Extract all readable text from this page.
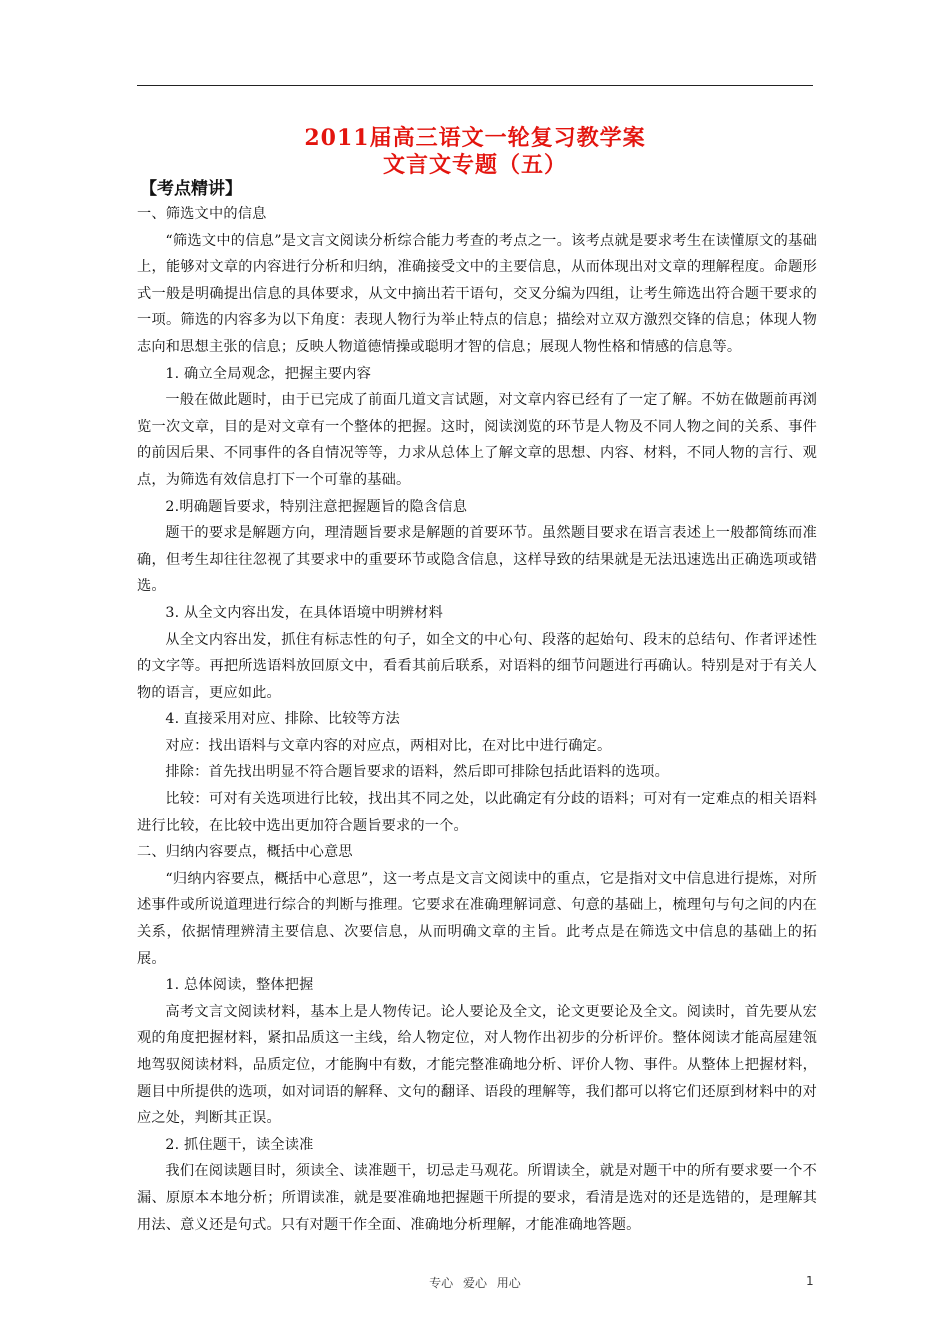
2011届高三语文一轮复习教学案
文言文专题（五）
【考点精讲】

一、筛选文中的信息

“筛选文中的信息”是文言文阅读分析综合能力考查的考点之一。该考点就是要求考生在读懂原文的基础上，能够对文章的内容进行分析和归纳，准确接受文中的主要信息，从而体现出对文章的理解程度。命题形式一般是明确提出信息的具体要求，从文中摘出若干语句，交叉分编为四组，让考生筛选出符合题干要求的一项。筛选的内容多为以下角度：表现人物行为举止特点的信息；描绘对立双方激烈交锋的信息；体现人物志向和思想主张的信息；反映人物道德情操或聪明才智的信息；展现人物性格和情感的信息等。

1. 确立全局观念，把握主要内容

一般在做此题时，由于已完成了前面几道文言试题，对文章内容已经有了一定了解。不妨在做题前再浏览一次文章，目的是对文章有一个整体的把握。这时，阅读浏览的环节是人物及不同人物之间的关系、事件的前因后果、不同事件的各自情况等等，力求从总体上了解文章的思想、内容、材料，不同人物的言行、观点，为筛选有效信息打下一个可靠的基础。

2.明确题旨要求，特别注意把握题旨的隐含信息

题干的要求是解题方向，理清题旨要求是解题的首要环节。虽然题目要求在语言表述上一般都简练而准确，但考生却往往忽视了其要求中的重要环节或隐含信息，这样导致的结果就是无法迅速选出正确选项或错选。

3. 从全文内容出发，在具体语境中明辨材料

从全文内容出发，抓住有标志性的句子，如全文的中心句、段落的起始句、段末的总结句、作者评述性的文字等。再把所选语料放回原文中，看看其前后联系，对语料的细节问题进行再确认。特别是对于有关人物的语言，更应如此。

4. 直接采用对应、排除、比较等方法

对应：找出语料与文章内容的对应点，两相对比，在对比中进行确定。

排除：首先找出明显不符合题旨要求的语料，然后即可排除包括此语料的选项。

比较：可对有关选项进行比较，找出其不同之处，以此确定有分歧的语料；可对有一定难点的相关语料进行比较，在比较中选出更加符合题旨要求的一个。

二、归纳内容要点，概括中心意思

“归纳内容要点，概括中心意思”，这一考点是文言文阅读中的重点，它是指对文中信息进行提炼，对所述事件或所说道理进行综合的判断与推理。它要求在准确理解词意、句意的基础上，梳理句与句之间的内在关系，依据情理辨清主要信息、次要信息，从而明确文章的主旨。此考点是在筛选文中信息的基础上的拓展。

1. 总体阅读，整体把握

高考文言文阅读材料，基本上是人物传记。论人要论及全文，论文更要论及全文。阅读时，首先要从宏观的角度把握材料，紧扣品质这一主线，给人物定位，对人物作出初步的分析评价。整体阅读才能高屋建瓴地驾驭阅读材料，品质定位，才能胸中有数，才能完整准确地分析、评价人物、事件。从整体上把握材料，题目中所提供的选项，如对词语的解释、文句的翻译、语段的理解等，我们都可以将它们还原到材料中的对应之处，判断其正误。

2. 抓住题干，读全读准

我们在阅读题目时，须读全、读准题干，切忌走马观花。所谓读全，就是对题干中的所有要求要一个不漏、原原本本地分析；所谓读准，就是要准确地把握题干所提的要求，看清是选对的还是选错的，是理解其用法、意义还是句式。只有对题干作全面、准确地分析理解，才能准确地答题。

专心 爱心 用心	1
